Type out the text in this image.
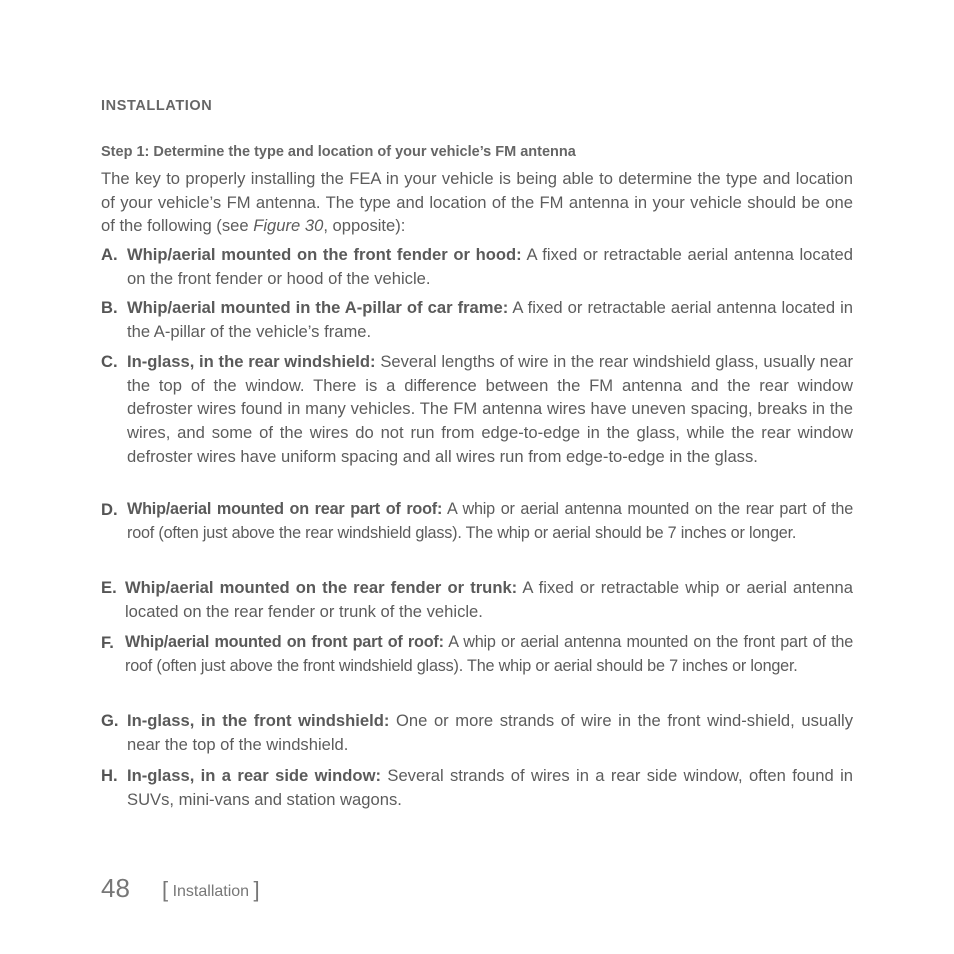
INSTALLATION
Step 1: Determine the type and location of your vehicle’s FM antenna

The key to properly installing the FEA in your vehicle is being able to determine the type and location of your vehicle’s FM antenna. The type and location of the FM antenna in your vehicle should be one of the following (see Figure 30, opposite):

A. Whip/aerial mounted on the front fender or hood: A fixed or retractable aerial antenna located on the front fender or hood of the vehicle.
B. Whip/aerial mounted in the A-pillar of car frame: A fixed or retractable aerial antenna located in the A-pillar of the vehicle’s frame.
C. In-glass, in the rear windshield: Several lengths of wire in the rear windshield glass, usually near the top of the window. There is a difference between the FM antenna and the rear window defroster wires found in many vehicles. The FM antenna wires have uneven spacing, breaks in the wires, and some of the wires do not run from edge-to-edge in the glass, while the rear window defroster wires have uniform spacing and all wires run from edge-to-edge in the glass.
D. Whip/aerial mounted on rear part of roof: A whip or aerial antenna mounted on the rear part of the roof (often just above the rear windshield glass). The whip or aerial should be 7 inches or longer.
E. Whip/aerial mounted on the rear fender or trunk: A fixed or retractable whip or aerial antenna located on the rear fender or trunk of the vehicle.
F. Whip/aerial mounted on front part of roof: A whip or aerial antenna mounted on the front part of the roof (often just above the front windshield glass). The whip or aerial should be 7 inches or longer.
G. In-glass, in the front windshield: One or more strands of wire in the front wind-shield, usually near the top of the windshield.
H. In-glass, in a rear side window: Several strands of wires in a rear side window, often found in SUVs, mini-vans and station wagons.
48 [ Installation ]
